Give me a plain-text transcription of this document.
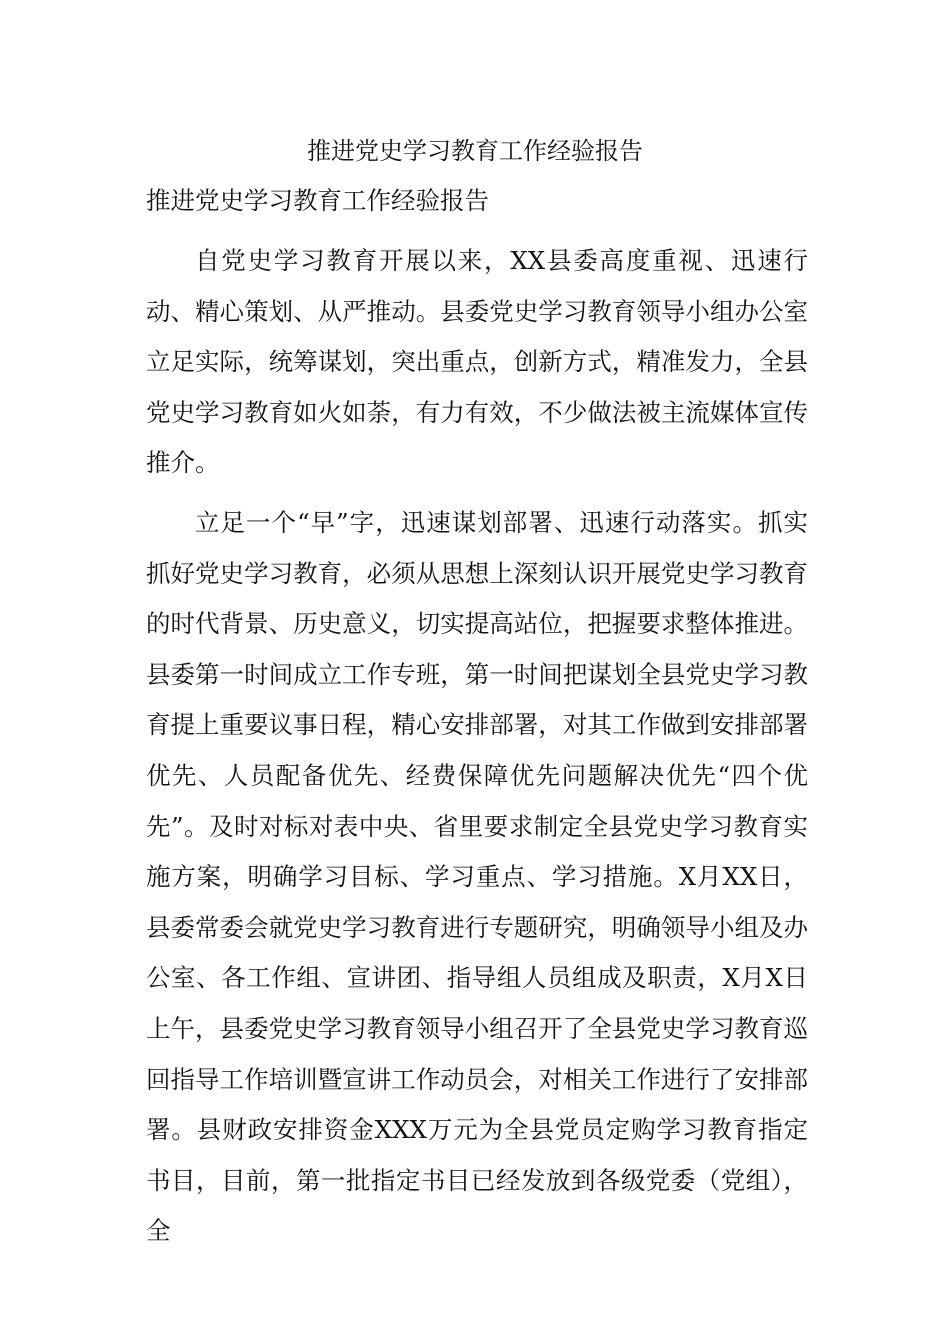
推进党史学习教育工作经验报告
推进党史学习教育工作经验报告

自党史学习教育开展以来，XX县委高度重视、迅速行动、精心策划、从严推动。县委党史学习教育领导小组办公室立足实际，统筹谋划，突出重点，创新方式，精准发力，全县党史学习教育如火如荼，有力有效，不少做法被主流媒体宣传推介。

立足一个“早”字，迅速谋划部署、迅速行动落实。抓实抓好党史学习教育，必须从思想上深刻认识开展党史学习教育的时代背景、历史意义，切实提高站位，把握要求整体推进。县委第一时间成立工作专班，第一时间把谋划全县党史学习教育提上重要议事日程，精心安排部署，对其工作做到安排部署优先、人员配备优先、经费保障优先问题解决优先“四个优先”。及时对标对表中央、省里要求制定全县党史学习教育实施方案，明确学习目标、学习重点、学习措施。X月XX日，县委常委会就党史学习教育进行专题研究，明确领导小组及办公室、各工作组、宣讲团、指导组人员组成及职责，X月X日上午，县委党史学习教育领导小组召开了全县党史学习教育巡回指导工作培训暨宣讲工作动员会，对相关工作进行了安排部署。县财政安排资金XXX万元为全县党员定购学习教育指定书目，目前，第一批指定书目已经发放到各级党委（党组），全
